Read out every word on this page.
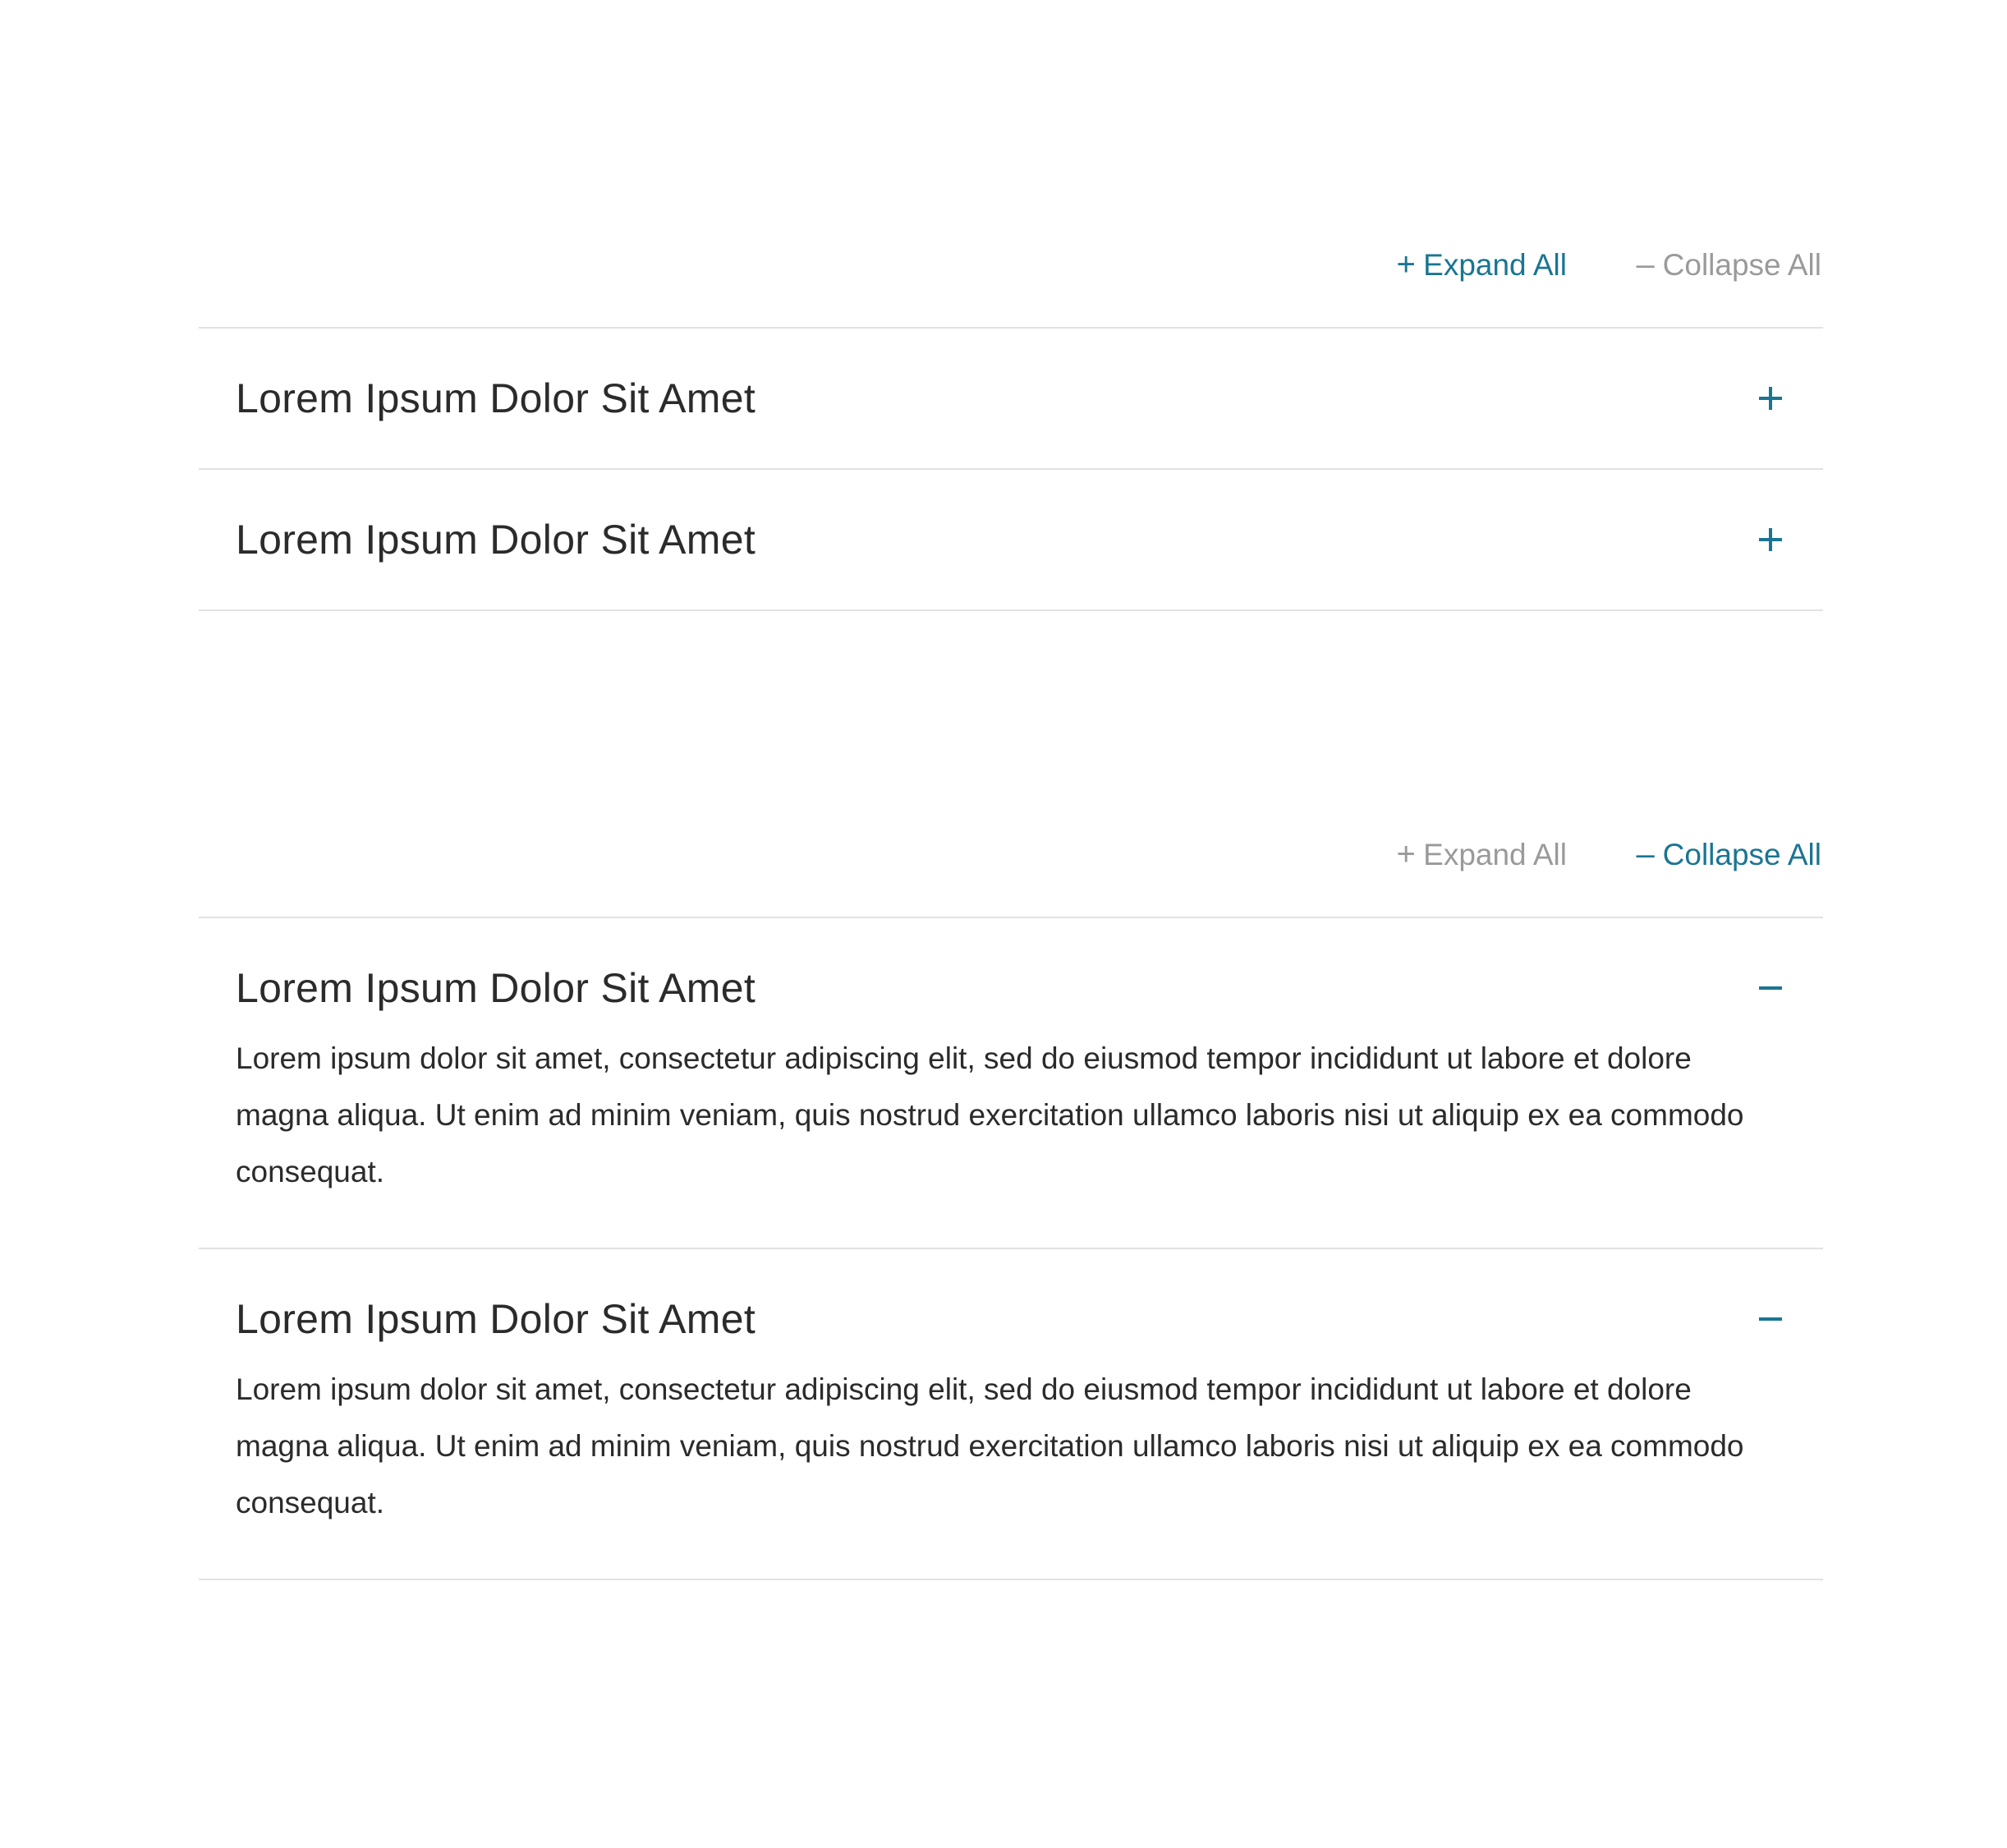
+ Expand All – Collapse All
Lorem Ipsum Dolor Sit Amet
Lorem Ipsum Dolor Sit Amet
+ Expand All – Collapse All
Lorem Ipsum Dolor Sit Amet
Lorem ipsum dolor sit amet, consectetur adipiscing elit, sed do eiusmod tempor incididunt ut labore et dolore magna aliqua. Ut enim ad minim veniam, quis nostrud exercitation ullamco laboris nisi ut aliquip ex ea commodo consequat.
Lorem Ipsum Dolor Sit Amet
Lorem ipsum dolor sit amet, consectetur adipiscing elit, sed do eiusmod tempor incididunt ut labore et dolore magna aliqua. Ut enim ad minim veniam, quis nostrud exercitation ullamco laboris nisi ut aliquip ex ea commodo consequat.
